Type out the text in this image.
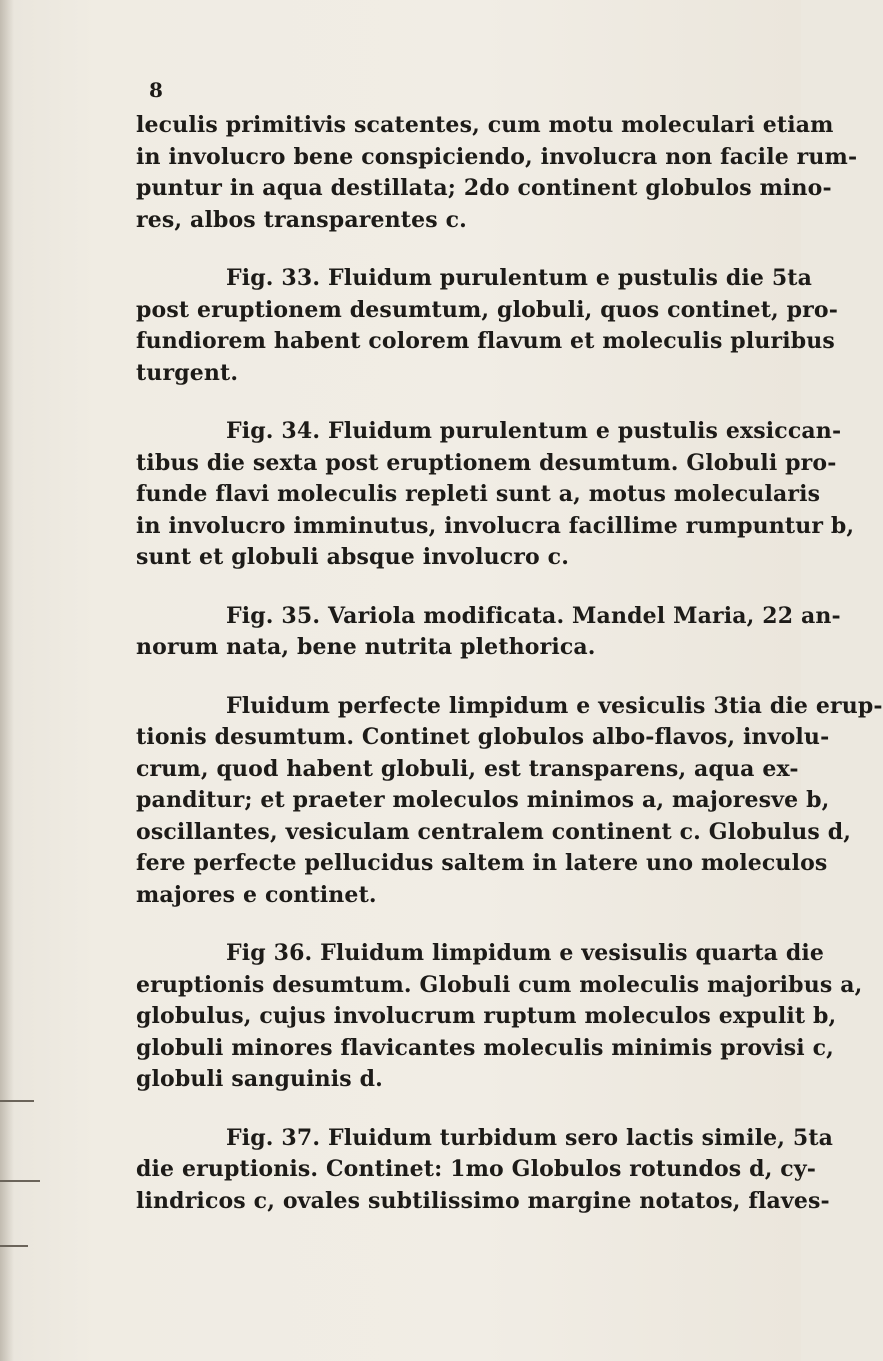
8

leculis primitivis scatentes, cum motu moleculari etiam
in involucro bene conspiciendo, involucra non facile rum-
puntur in aqua destillata; 2do continent globulos mino-
res, albos transparentes c.

Fig. 33. Fluidum purulentum e pustulis die 5ta
post eruptionem desumtum, globuli, quos continet, pro-
fundiorem habent colorem flavum et moleculis pluribus
turgent.

Fig. 34. Fluidum purulentum e pustulis exsiccan-
tibus die sexta post eruptionem desumtum. Globuli pro-
funde flavi moleculis repleti sunt a, motus molecularis
in involucro imminutus, involucra facillime rumpuntur b,
sunt et globuli absque involucro c.

Fig. 35. Variola modificata. Mandel Maria, 22 an-
norum nata, bene nutrita plethorica.

Fluidum perfecte limpidum e vesiculis 3tia die erup-
tionis desumtum. Continet globulos albo-flavos, involu-
crum, quod habent globuli, est transparens, aqua ex-
panditur; et praeter moleculos minimos a, majoresve b,
oscillantes, vesiculam centralem continent c. Globulus d,
fere perfecte pellucidus saltem in latere uno moleculos
majores e continet.

Fig 36. Fluidum limpidum e vesisulis quarta die
eruptionis desumtum. Globuli cum moleculis majoribus a,
globulus, cujus involucrum ruptum moleculos expulit b,
globuli minores flavicantes moleculis minimis provisi c,
globuli sanguinis d.

Fig. 37. Fluidum turbidum sero lactis simile, 5ta
die eruptionis. Continet: 1mo Globulos rotundos d, cy-
lindricos c, ovales subtilissimo margine notatos, flaves-
